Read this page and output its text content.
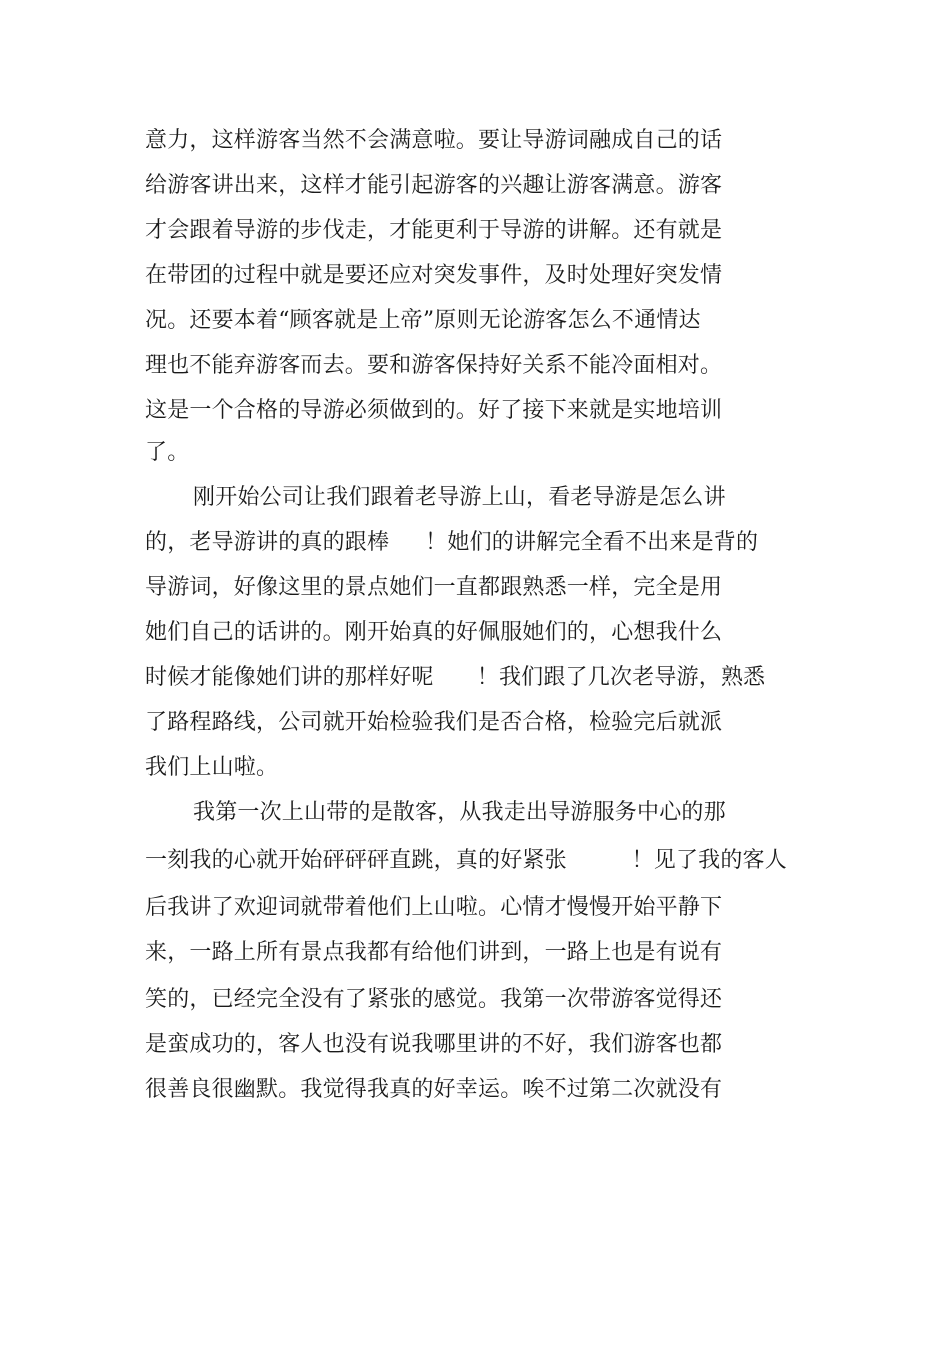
意力，这样游客当然不会满意啦。要让导游词融成自己的话
给游客讲出来，这样才能引起游客的兴趣让游客满意。游客
才会跟着导游的步伐走，才能更利于导游的讲解。还有就是
在带团的过程中就是要还应对突发事件，及时处理好突发情
况。还要本着“顾客就是上帝”原则无论游客怎么不通情达
理也不能弃游客而去。要和游客保持好关系不能冷面相对。
这是一个合格的导游必须做到的。好了接下来就是实地培训
了。
刚开始公司让我们跟着老导游上山，看老导游是怎么讲
的，老导游讲的真的跟棒     ！她们的讲解完全看不出来是背的
导游词，好像这里的景点她们一直都跟熟悉一样，完全是用
她们自己的话讲的。刚开始真的好佩服她们的，心想我什么
时候才能像她们讲的那样好呢      ！我们跟了几次老导游，熟悉
了路程路线，公司就开始检验我们是否合格，检验完后就派
我们上山啦。
我第一次上山带的是散客，从我走出导游服务中心的那
一刻我的心就开始砰砰砰直跳，真的好紧张         ！见了我的客人
后我讲了欢迎词就带着他们上山啦。心情才慢慢开始平静下
来，一路上所有景点我都有给他们讲到，一路上也是有说有
笑的，已经完全没有了紧张的感觉。我第一次带游客觉得还
是蛮成功的，客人也没有说我哪里讲的不好，我们游客也都
很善良很幽默。我觉得我真的好幸运。唉不过第二次就没有
